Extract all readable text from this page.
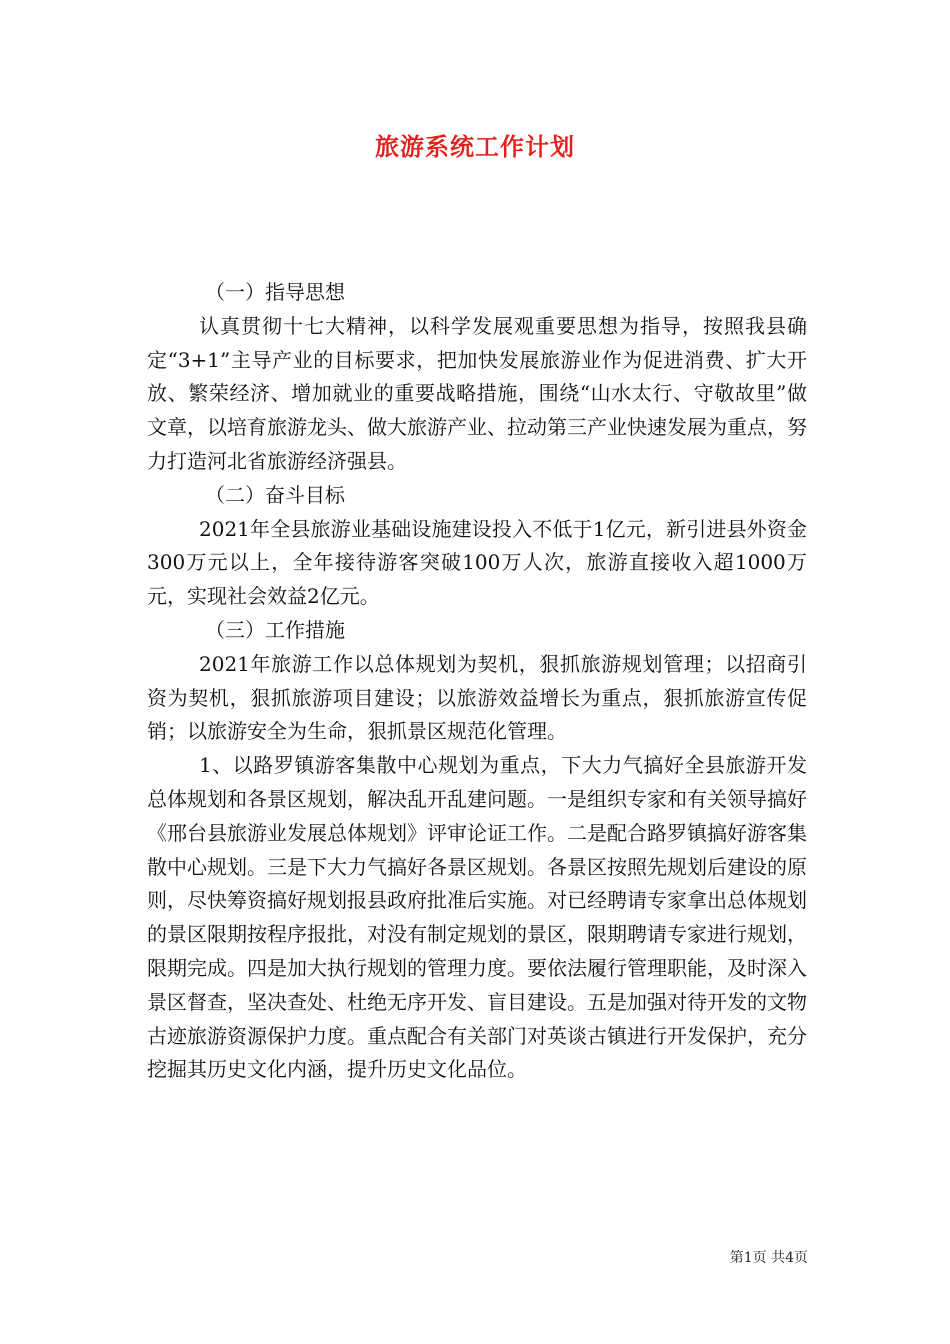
旅游系统工作计划

（一）指导思想

认真贯彻十七大精神，以科学发展观重要思想为指导，按照我县确定“3+1”主导产业的目标要求，把加快发展旅游业作为促进消费、扩大开放、繁荣经济、增加就业的重要战略措施，围绕“山水太行、守敬故里”做文章，以培育旅游龙头、做大旅游产业、拉动第三产业快速发展为重点，努力打造河北省旅游经济强县。

（二）奋斗目标

2021年全县旅游业基础设施建设投入不低于1亿元，新引进县外资金300万元以上，全年接待游客突破100万人次，旅游直接收入超1000万元，实现社会效益2亿元。

（三）工作措施

2021年旅游工作以总体规划为契机，狠抓旅游规划管理；以招商引资为契机，狠抓旅游项目建设；以旅游效益增长为重点，狠抓旅游宣传促销；以旅游安全为生命，狠抓景区规范化管理。

1、以路罗镇游客集散中心规划为重点，下大力气搞好全县旅游开发总体规划和各景区规划，解决乱开乱建问题。一是组织专家和有关领导搞好《邢台县旅游业发展总体规划》评审论证工作。二是配合路罗镇搞好游客集散中心规划。三是下大力气搞好各景区规划。各景区按照先规划后建设的原则，尽快筹资搞好规划报县政府批准后实施。对已经聘请专家拿出总体规划的景区限期按程序报批，对没有制定规划的景区，限期聘请专家进行规划，限期完成。四是加大执行规划的管理力度。要依法履行管理职能，及时深入景区督查，坚决查处、杜绝无序开发、盲目建设。五是加强对待开发的文物古迹旅游资源保护力度。重点配合有关部门对英谈古镇进行开发保护，充分挖掘其历史文化内涵，提升历史文化品位。

第1页 共4页
